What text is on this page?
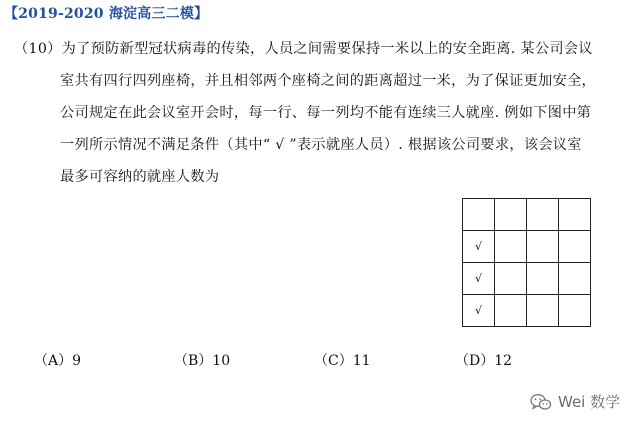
【2019-2020 海淀高三二模】
（10）为了预防新型冠状病毒的传染，人员之间需要保持一米以上的安全距离. 某公司会议
室共有四行四列座椅，并且相邻两个座椅之间的距离超过一米，为了保证更加安全，
公司规定在此会议室开会时，每一行、每一列均不能有连续三人就座. 例如下图中第
一列所示情况不满足条件（其中“ √ ”表示就座人员）. 根据该公司要求，该会议室
最多可容纳的就座人数为

√			
√			
√			
（A）9	（B）10	（C）11	（D）12
Wei 数学
